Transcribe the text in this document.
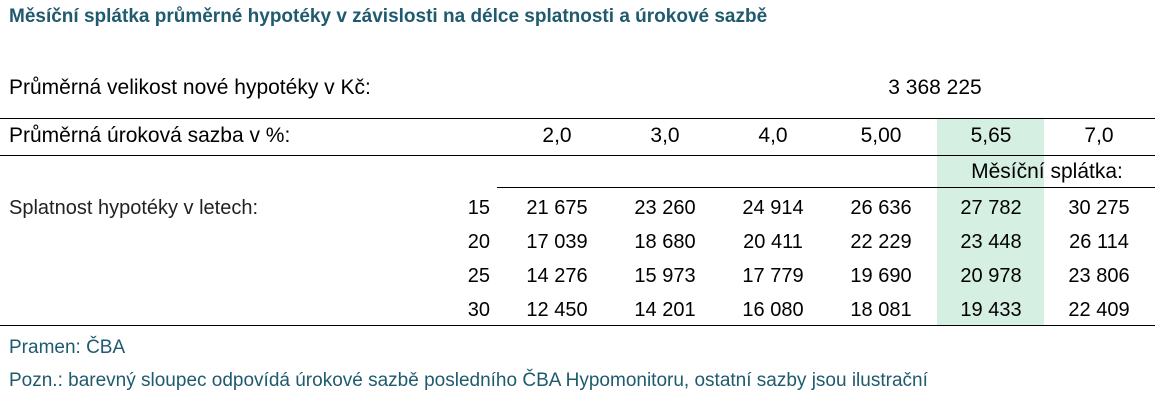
Měsíční splátka průměrné hypotéky v závislosti na délce splatnosti a úrokové sazbě
Průměrná velikost nové hypotéky v Kč:	3 368 225
Průměrná úroková sazba v %:	2,0	3,0	4,0	5,00	5,65	7,0
Měsíční splátka:
Splatnost hypotéky v letech:	15	21 675	23 260	24 914	26 636	27 782	30 275
20	17 039	18 680	20 411	22 229	23 448	26 114
25	14 276	15 973	17 779	19 690	20 978	23 806
30	12 450	14 201	16 080	18 081	19 433	22 409
Pramen: ČBA
Pozn.: barevný sloupec odpovídá úrokové sazbě posledního ČBA Hypomonitoru, ostatní sazby jsou ilustrační
